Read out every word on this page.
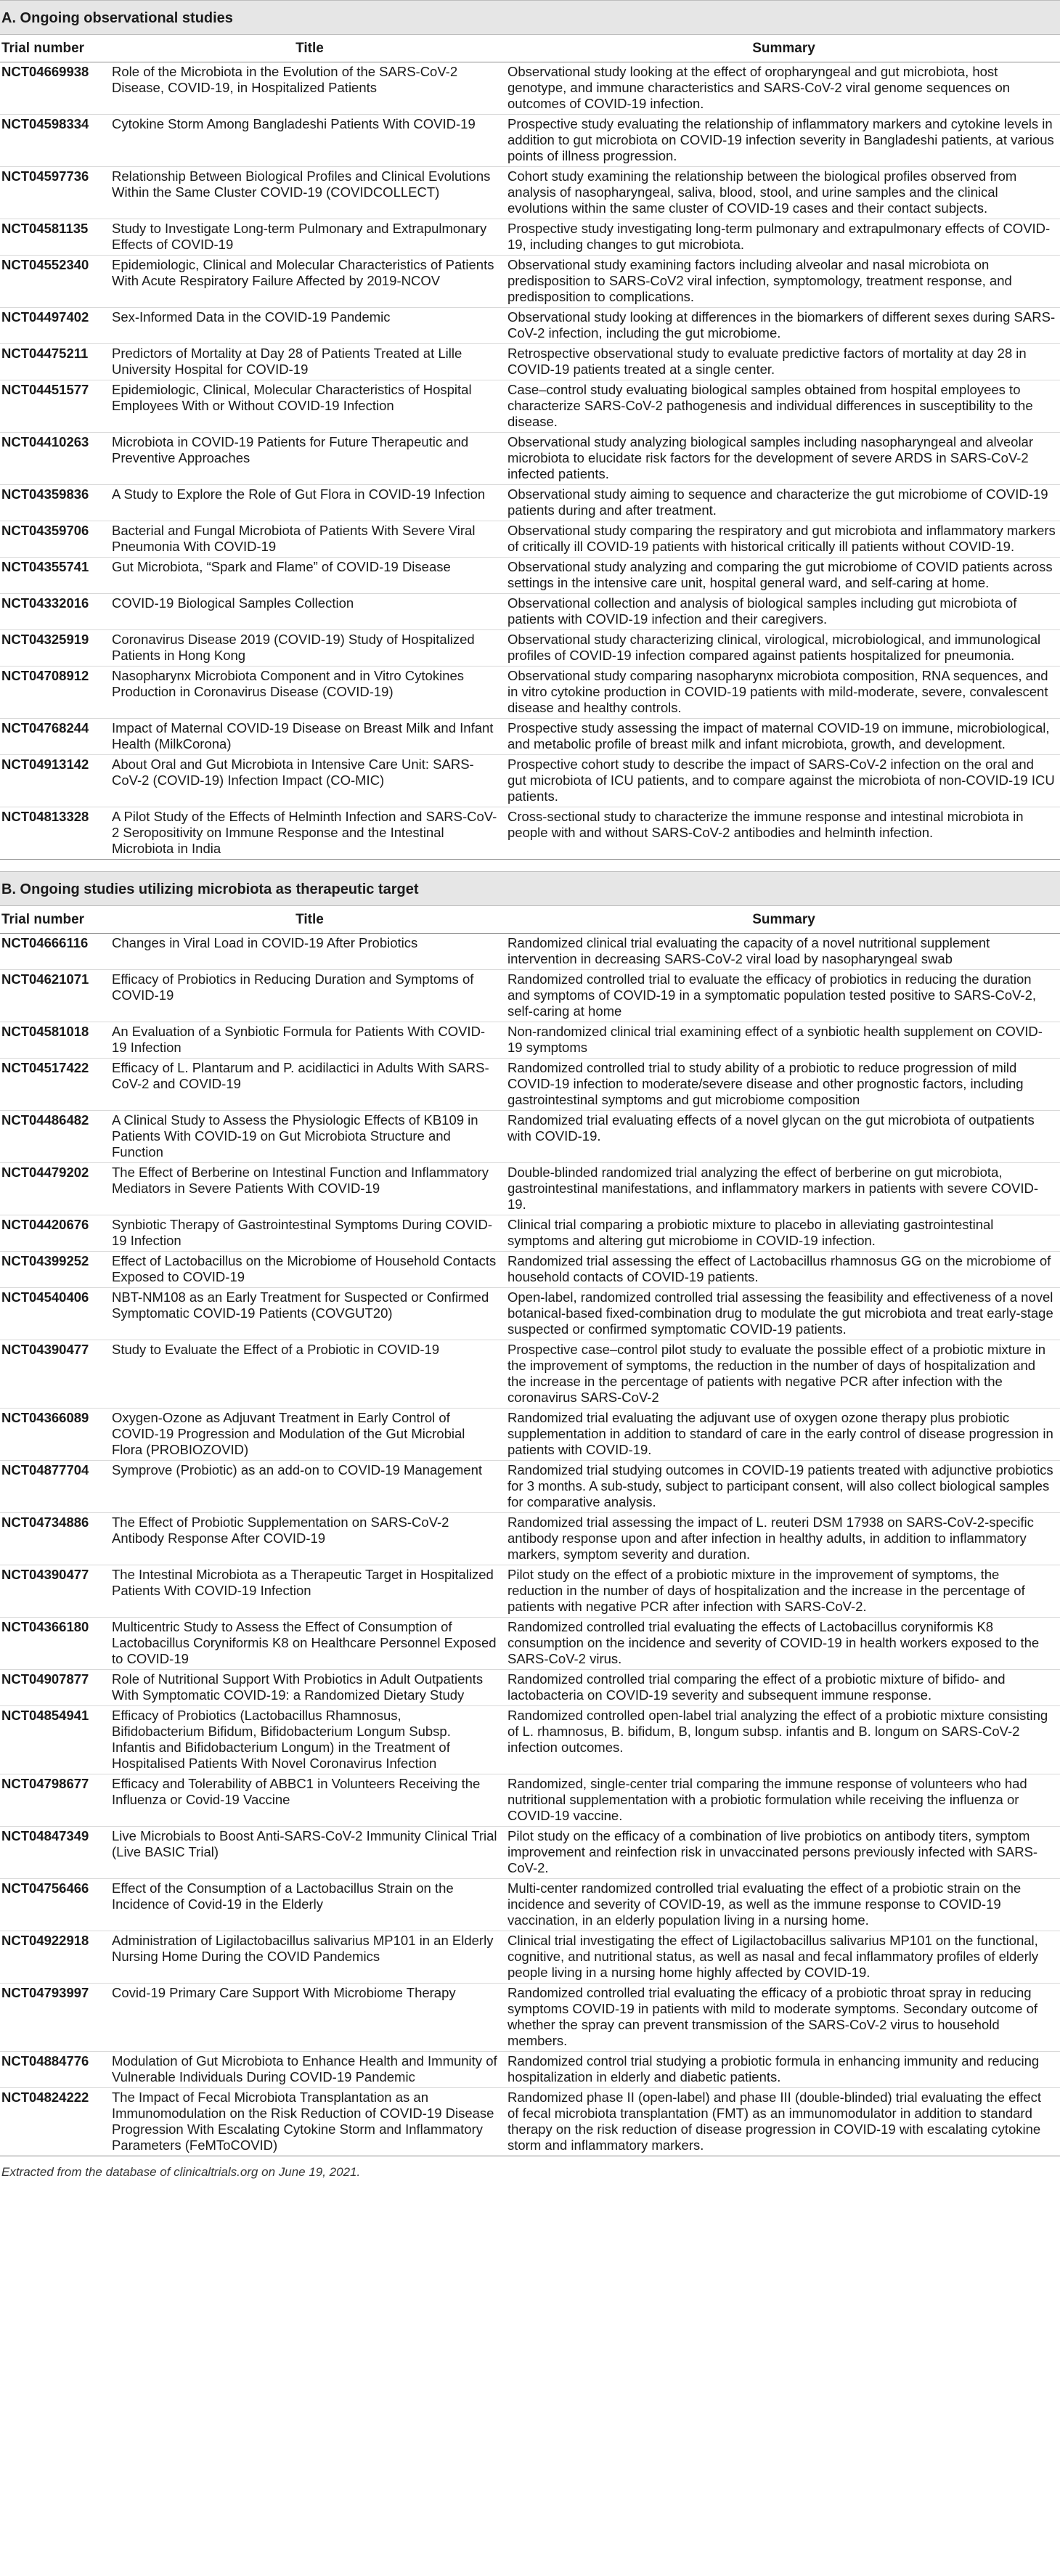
A. Ongoing observational studies
Trial number	Title	Summary
NCT04669938	Role of the Microbiota in the Evolution of the SARS-CoV-2 Disease, COVID-19, in Hospitalized Patients	Observational study looking at the effect of oropharyngeal and gut microbiota, host genotype, and immune characteristics and SARS-CoV-2 viral genome sequences on outcomes of COVID-19 infection.
NCT04598334	Cytokine Storm Among Bangladeshi Patients With COVID-19	Prospective study evaluating the relationship of inflammatory markers and cytokine levels in addition to gut microbiota on COVID-19 infection severity in Bangladeshi patients, at various points of illness progression.
NCT04597736	Relationship Between Biological Profiles and Clinical Evolutions Within the Same Cluster COVID-19 (COVIDCOLLECT)	Cohort study examining the relationship between the biological profiles observed from analysis of nasopharyngeal, saliva, blood, stool, and urine samples and the clinical evolutions within the same cluster of COVID-19 cases and their contact subjects.
NCT04581135	Study to Investigate Long-term Pulmonary and Extrapulmonary Effects of COVID-19	Prospective study investigating long-term pulmonary and extrapulmonary effects of COVID-19, including changes to gut microbiota.
NCT04552340	Epidemiologic, Clinical and Molecular Characteristics of Patients With Acute Respiratory Failure Affected by 2019-NCOV	Observational study examining factors including alveolar and nasal microbiota on predisposition to SARS-CoV2 viral infection, symptomology, treatment response, and predisposition to complications.
NCT04497402	Sex-Informed Data in the COVID-19 Pandemic	Observational study looking at differences in the biomarkers of different sexes during SARS-CoV-2 infection, including the gut microbiome.
NCT04475211	Predictors of Mortality at Day 28 of Patients Treated at Lille University Hospital for COVID-19	Retrospective observational study to evaluate predictive factors of mortality at day 28 in COVID-19 patients treated at a single center.
NCT04451577	Epidemiologic, Clinical, Molecular Characteristics of Hospital Employees With or Without COVID-19 Infection	Case–control study evaluating biological samples obtained from hospital employees to characterize SARS-CoV-2 pathogenesis and individual differences in susceptibility to the disease.
NCT04410263	Microbiota in COVID-19 Patients for Future Therapeutic and Preventive Approaches	Observational study analyzing biological samples including nasopharyngeal and alveolar microbiota to elucidate risk factors for the development of severe ARDS in SARS-CoV-2 infected patients.
NCT04359836	A Study to Explore the Role of Gut Flora in COVID-19 Infection	Observational study aiming to sequence and characterize the gut microbiome of COVID-19 patients during and after treatment.
NCT04359706	Bacterial and Fungal Microbiota of Patients With Severe Viral Pneumonia With COVID-19	Observational study comparing the respiratory and gut microbiota and inflammatory markers of critically ill COVID-19 patients with historical critically ill patients without COVID-19.
NCT04355741	Gut Microbiota, “Spark and Flame” of COVID-19 Disease	Observational study analyzing and comparing the gut microbiome of COVID patients across settings in the intensive care unit, hospital general ward, and self-caring at home.
NCT04332016	COVID-19 Biological Samples Collection	Observational collection and analysis of biological samples including gut microbiota of patients with COVID-19 infection and their caregivers.
NCT04325919	Coronavirus Disease 2019 (COVID-19) Study of Hospitalized Patients in Hong Kong	Observational study characterizing clinical, virological, microbiological, and immunological profiles of COVID-19 infection compared against patients hospitalized for pneumonia.
NCT04708912	Nasopharynx Microbiota Component and in Vitro Cytokines Production in Coronavirus Disease (COVID-19)	Observational study comparing nasopharynx microbiota composition, RNA sequences, and in vitro cytokine production in COVID-19 patients with mild-moderate, severe, convalescent disease and healthy controls.
NCT04768244	Impact of Maternal COVID-19 Disease on Breast Milk and Infant Health (MilkCorona)	Prospective study assessing the impact of maternal COVID-19 on immune, microbiological, and metabolic profile of breast milk and infant microbiota, growth, and development.
NCT04913142	About Oral and Gut Microbiota in Intensive Care Unit: SARS-CoV-2 (COVID-19) Infection Impact (CO-MIC)	Prospective cohort study to describe the impact of SARS-CoV-2 infection on the oral and gut microbiota of ICU patients, and to compare against the microbiota of non-COVID-19 ICU patients.
NCT04813328	A Pilot Study of the Effects of Helminth Infection and SARS-CoV-2 Seropositivity on Immune Response and the Intestinal Microbiota in India	Cross-sectional study to characterize the immune response and intestinal microbiota in people with and without SARS-CoV-2 antibodies and helminth infection.
B. Ongoing studies utilizing microbiota as therapeutic target
Trial number	Title	Summary
NCT04666116	Changes in Viral Load in COVID-19 After Probiotics	Randomized clinical trial evaluating the capacity of a novel nutritional supplement intervention in decreasing SARS-CoV-2 viral load by nasopharyngeal swab
NCT04621071	Efficacy of Probiotics in Reducing Duration and Symptoms of COVID-19	Randomized controlled trial to evaluate the efficacy of probiotics in reducing the duration and symptoms of COVID-19 in a symptomatic population tested positive to SARS-CoV-2, self-caring at home
NCT04581018	An Evaluation of a Synbiotic Formula for Patients With COVID-19 Infection	Non-randomized clinical trial examining effect of a synbiotic health supplement on COVID-19 symptoms
NCT04517422	Efficacy of L. Plantarum and P. acidilactici in Adults With SARS-CoV-2 and COVID-19	Randomized controlled trial to study ability of a probiotic to reduce progression of mild COVID-19 infection to moderate/severe disease and other prognostic factors, including gastrointestinal symptoms and gut microbiome composition
NCT04486482	A Clinical Study to Assess the Physiologic Effects of KB109 in Patients With COVID-19 on Gut Microbiota Structure and Function	Randomized trial evaluating effects of a novel glycan on the gut microbiota of outpatients with COVID-19.
NCT04479202	The Effect of Berberine on Intestinal Function and Inflammatory Mediators in Severe Patients With COVID-19	Double-blinded randomized trial analyzing the effect of berberine on gut microbiota, gastrointestinal manifestations, and inflammatory markers in patients with severe COVID-19.
NCT04420676	Synbiotic Therapy of Gastrointestinal Symptoms During COVID-19 Infection	Clinical trial comparing a probiotic mixture to placebo in alleviating gastrointestinal symptoms and altering gut microbiome in COVID-19 infection.
NCT04399252	Effect of Lactobacillus on the Microbiome of Household Contacts Exposed to COVID-19	Randomized trial assessing the effect of Lactobacillus rhamnosus GG on the microbiome of household contacts of COVID-19 patients.
NCT04540406	NBT-NM108 as an Early Treatment for Suspected or Confirmed Symptomatic COVID-19 Patients (COVGUT20)	Open-label, randomized controlled trial assessing the feasibility and effectiveness of a novel botanical-based fixed-combination drug to modulate the gut microbiota and treat early-stage suspected or confirmed symptomatic COVID-19 patients.
NCT04390477	Study to Evaluate the Effect of a Probiotic in COVID-19	Prospective case–control pilot study to evaluate the possible effect of a probiotic mixture in the improvement of symptoms, the reduction in the number of days of hospitalization and the increase in the percentage of patients with negative PCR after infection with the coronavirus SARS-CoV-2
NCT04366089	Oxygen-Ozone as Adjuvant Treatment in Early Control of COVID-19 Progression and Modulation of the Gut Microbial Flora (PROBIOZOVID)	Randomized trial evaluating the adjuvant use of oxygen ozone therapy plus probiotic supplementation in addition to standard of care in the early control of disease progression in patients with COVID-19.
NCT04877704	Symprove (Probiotic) as an add-on to COVID-19 Management	Randomized trial studying outcomes in COVID-19 patients treated with adjunctive probiotics for 3 months. A sub-study, subject to participant consent, will also collect biological samples for comparative analysis.
NCT04734886	The Effect of Probiotic Supplementation on SARS-CoV-2 Antibody Response After COVID-19	Randomized trial assessing the impact of L. reuteri DSM 17938 on SARS-CoV-2-specific antibody response upon and after infection in healthy adults, in addition to inflammatory markers, symptom severity and duration.
NCT04390477	The Intestinal Microbiota as a Therapeutic Target in Hospitalized Patients With COVID-19 Infection	Pilot study on the effect of a probiotic mixture in the improvement of symptoms, the reduction in the number of days of hospitalization and the increase in the percentage of patients with negative PCR after infection with SARS-CoV-2.
NCT04366180	Multicentric Study to Assess the Effect of Consumption of Lactobacillus Coryniformis K8 on Healthcare Personnel Exposed to COVID-19	Randomized controlled trial evaluating the effects of Lactobacillus coryniformis K8 consumption on the incidence and severity of COVID-19 in health workers exposed to the SARS-CoV-2 virus.
NCT04907877	Role of Nutritional Support With Probiotics in Adult Outpatients With Symptomatic COVID-19: a Randomized Dietary Study	Randomized controlled trial comparing the effect of a probiotic mixture of bifido- and lactobacteria on COVID-19 severity and subsequent immune response.
NCT04854941	Efficacy of Probiotics (Lactobacillus Rhamnosus, Bifidobacterium Bifidum, Bifidobacterium Longum Subsp. Infantis and Bifidobacterium Longum) in the Treatment of Hospitalised Patients With Novel Coronavirus Infection	Randomized controlled open-label trial analyzing the effect of a probiotic mixture consisting of L. rhamnosus, B. bifidum, B, longum subsp. infantis and B. longum on SARS-CoV-2 infection outcomes.
NCT04798677	Efficacy and Tolerability of ABBC1 in Volunteers Receiving the Influenza or Covid-19 Vaccine	Randomized, single-center trial comparing the immune response of volunteers who had nutritional supplementation with a probiotic formulation while receiving the influenza or COVID-19 vaccine.
NCT04847349	Live Microbials to Boost Anti-SARS-CoV-2 Immunity Clinical Trial (Live BASIC Trial)	Pilot study on the efficacy of a combination of live probiotics on antibody titers, symptom improvement and reinfection risk in unvaccinated persons previously infected with SARS-CoV-2.
NCT04756466	Effect of the Consumption of a Lactobacillus Strain on the Incidence of Covid-19 in the Elderly	Multi-center randomized controlled trial evaluating the effect of a probiotic strain on the incidence and severity of COVID-19, as well as the immune response to COVID-19 vaccination, in an elderly population living in a nursing home.
NCT04922918	Administration of Ligilactobacillus salivarius MP101 in an Elderly Nursing Home During the COVID Pandemics	Clinical trial investigating the effect of Ligilactobacillus salivarius MP101 on the functional, cognitive, and nutritional status, as well as nasal and fecal inflammatory profiles of elderly people living in a nursing home highly affected by COVID-19.
NCT04793997	Covid-19 Primary Care Support With Microbiome Therapy	Randomized controlled trial evaluating the efficacy of a probiotic throat spray in reducing symptoms COVID-19 in patients with mild to moderate symptoms. Secondary outcome of whether the spray can prevent transmission of the SARS-CoV-2 virus to household members.
NCT04884776	Modulation of Gut Microbiota to Enhance Health and Immunity of Vulnerable Individuals During COVID-19 Pandemic	Randomized control trial studying a probiotic formula in enhancing immunity and reducing hospitalization in elderly and diabetic patients.
NCT04824222	The Impact of Fecal Microbiota Transplantation as an Immunomodulation on the Risk Reduction of COVID-19 Disease Progression With Escalating Cytokine Storm and Inflammatory Parameters (FeMToCOVID)	Randomized phase II (open-label) and phase III (double-blinded) trial evaluating the effect of fecal microbiota transplantation (FMT) as an immunomodulator in addition to standard therapy on the risk reduction of disease progression in COVID-19 with escalating cytokine storm and inflammatory markers.
Extracted from the database of clinicaltrials.org on June 19, 2021.
